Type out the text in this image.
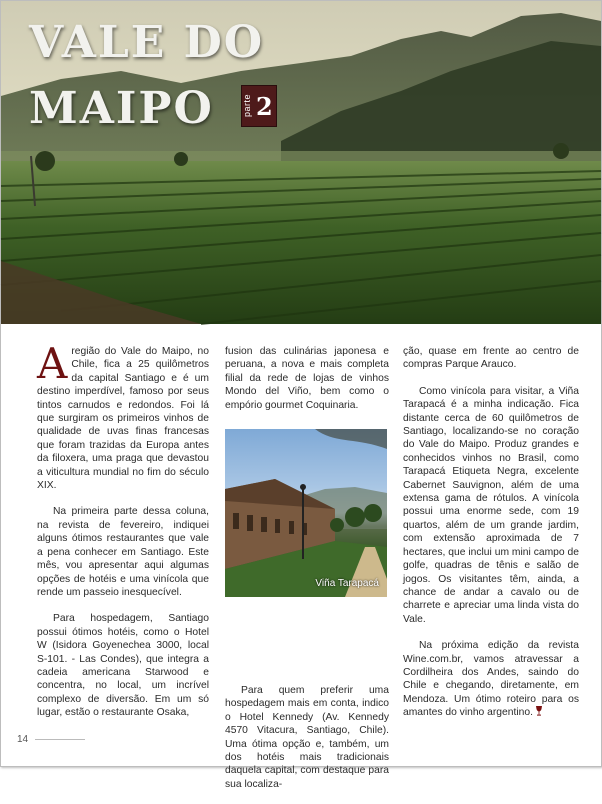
VALE DO
MAIPO	parte 2

Aregião do Vale do Maipo, no Chile, fica a 25 quilômetros da capital Santiago e é um destino imperdível, famoso por seus tintos carnudos e redondos. Foi lá que surgiram os primeiros vinhos de qualidade de uvas finas francesas que foram trazidas da Europa antes da filoxera, uma praga que devastou a viticultura mundial no fim do século XIX.

Na primeira parte dessa coluna, na revista de fevereiro, indiquei alguns ótimos restaurantes que vale a pena conhecer em Santiago. Este mês, vou apresentar aqui algumas opções de hotéis e uma vinícola que rende um passeio inesquecível.

Para hospedagem, Santiago possui ótimos hotéis, como o Hotel W (Isidora Goyenechea 3000, local S-101. - Las Condes), que integra a cadeia americana Starwood e concentra, no local, um incrível complexo de diversão. Em um só lugar, estão o restaurante Osaka,

fusion das culinárias japonesa e peruana, a nova e mais completa filial da rede de lojas de vinhos Mondo del Viño, bem como o empório gourmet Coquinaria.

Para quem preferir uma hospedagem mais em conta, indico o Hotel Kennedy (Av. Kennedy 4570 Vitacura, Santiago, Chile). Uma ótima opção e, também, um dos hotéis mais tradicionais daquela capital, com destaque para sua localiza-

Viña Tarapacá

ção, quase em frente ao centro de compras Parque Arauco.

Como vinícola para visitar, a Viña Tarapacá é a minha indicação. Fica distante cerca de 60 quilômetros de Santiago, localizando-se no coração do Vale do Maipo. Produz grandes e conhecidos vinhos no Brasil, como Tarapacá Etiqueta Negra, excelente Cabernet Sauvignon, além de uma extensa gama de rótulos. A vinícola possui uma enorme sede, com 19 quartos, além de um grande jardim, com extensão aproximada de 7 hectares, que inclui um mini campo de golfe, quadras de tênis e salão de jogos. Os visitantes têm, ainda, a chance de andar a cavalo ou de charrete e apreciar uma linda vista do Vale.

Na próxima edição da revista Wine.com.br, vamos atravessar a Cordilheira dos Andes, saindo do Chile e chegando, diretamente, em Mendoza. Um ótimo roteiro para os amantes do vinho argentino.

14
